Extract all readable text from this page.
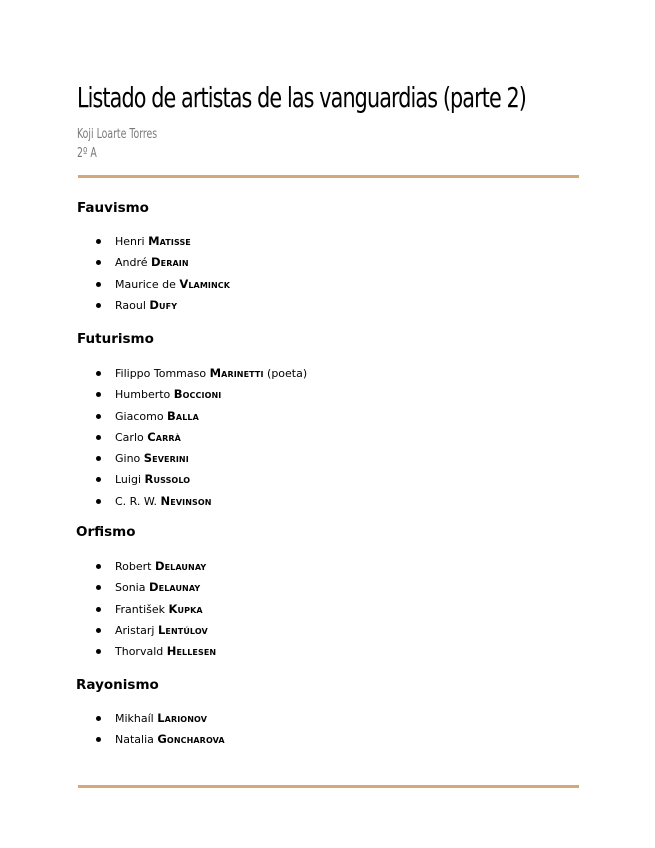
Listado de artistas de las vanguardias (parte 2)
Koji Loarte Torres
2º A
Fauvismo
Henri Matisse
André Derain
Maurice de Vlaminck
Raoul Dufy
Futurismo
Filippo Tommaso Marinetti (poeta)
Humberto Boccioni
Giacomo Balla
Carlo Carrà
Gino Severini
Luigi Russolo
C. R. W. Nevinson
Orfismo
Robert Delaunay
Sonia Delaunay
František Kupka
Aristarj Lentúlov
Thorvald Hellesen
Rayonismo
Mikhaíl Larionov
Natalia Goncharova
